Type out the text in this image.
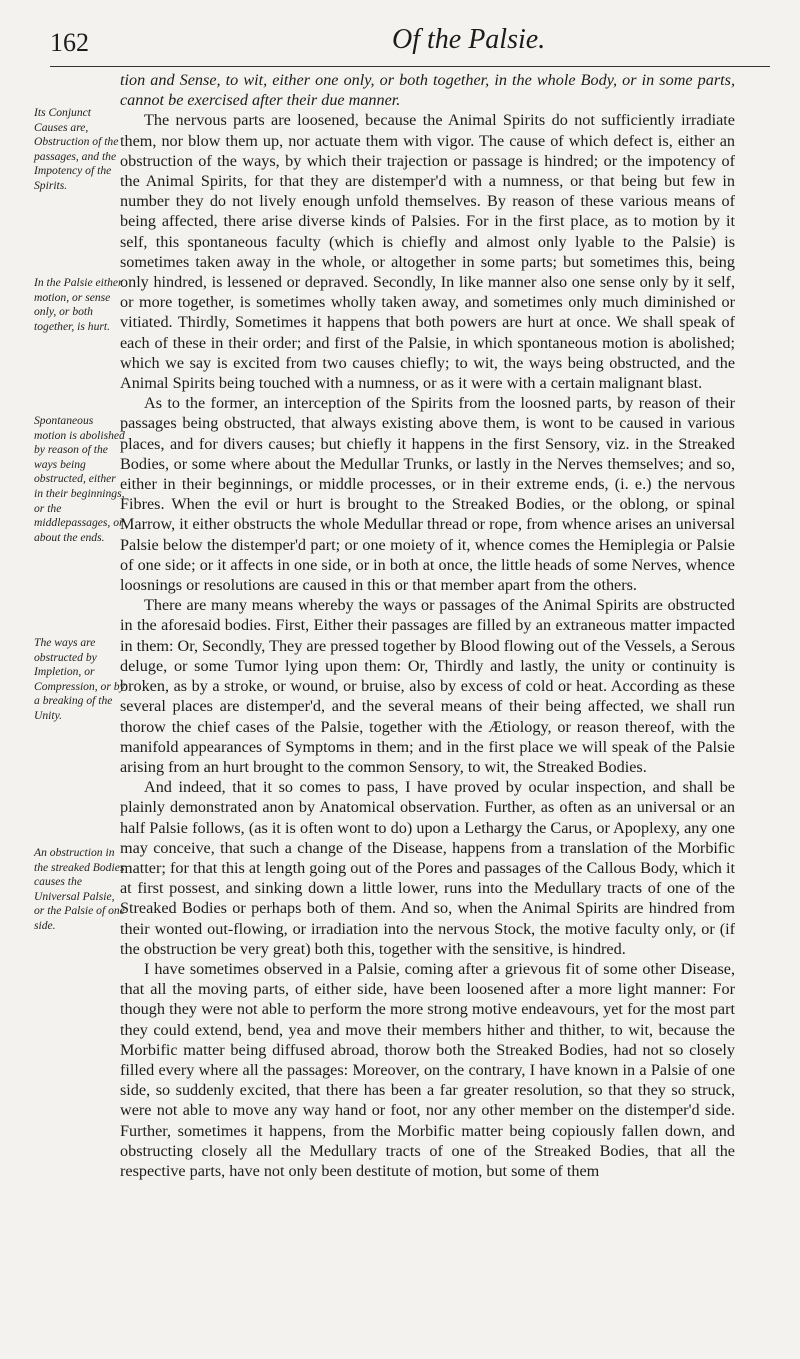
162	Of the Palsie.
Its Conjunct Causes are, Obstruction of the passages, and the Impotency of the Spirits.
In the Palsie either motion, or sense only, or both together, is hurt.
Spontaneous motion is abolished by reason of the ways being obstructed, either in their beginnings, or the middlepassages, or about the ends.
The ways are obstructed by Impletion, or Compression, or by a breaking of the Unity.
An obstruction in the streaked Bodies causes the Universal Palsie, or the Palsie of one side.

tion and Sense, to wit, either one only, or both together, in the whole Body, or in some parts, cannot be exercised after their due manner.

The nervous parts are loosened, because the Animal Spirits do not sufficiently irradiate them, nor blow them up, nor actuate them with vigor. The cause of which defect is, either an obstruction of the ways, by which their trajection or passage is hindred; or the impotency of the Animal Spirits, for that they are distemper'd with a numness, or that being but few in number they do not lively enough unfold themselves. By reason of these various means of being affected, there arise diverse kinds of Palsies. For in the first place, as to motion by it self, this spontaneous faculty (which is chiefly and almost only lyable to the Palsie) is sometimes taken away in the whole, or altogether in some parts; but sometimes this, being only hindred, is lessened or depraved. Secondly, In like manner also one sense only by it self, or more together, is sometimes wholly taken away, and sometimes only much diminished or vitiated. Thirdly, Sometimes it happens that both powers are hurt at once. We shall speak of each of these in their order; and first of the Palsie, in which spontaneous motion is abolished; which we say is excited from two causes chiefly; to wit, the ways being obstructed, and the Animal Spirits being touched with a numness, or as it were with a certain malignant blast.

As to the former, an interception of the Spirits from the loosned parts, by reason of their passages being obstructed, that always existing above them, is wont to be caused in various places, and for divers causes; but chiefly it happens in the first Sensory, viz. in the Streaked Bodies, or some where about the Medullar Trunks, or lastly in the Nerves themselves; and so, either in their beginnings, or middle processes, or in their extreme ends, (i. e.) the nervous Fibres. When the evil or hurt is brought to the Streaked Bodies, or the oblong, or spinal Marrow, it either obstructs the whole Medullar thread or rope, from whence arises an universal Palsie below the distemper'd part; or one moiety of it, whence comes the Hemiplegia or Palsie of one side; or it affects in one side, or in both at once, the little heads of some Nerves, whence loosnings or resolutions are caused in this or that member apart from the others.

There are many means whereby the ways or passages of the Animal Spirits are obstructed in the aforesaid bodies. First, Either their passages are filled by an extraneous matter impacted in them: Or, Secondly, They are pressed together by Blood flowing out of the Vessels, a Serous deluge, or some Tumor lying upon them: Or, Thirdly and lastly, the unity or continuity is broken, as by a stroke, or wound, or bruise, also by excess of cold or heat. According as these several places are distemper'd, and the several means of their being affected, we shall run thorow the chief cases of the Palsie, together with the Ætiology, or reason thereof, with the manifold appearances of Symptoms in them; and in the first place we will speak of the Palsie arising from an hurt brought to the common Sensory, to wit, the Streaked Bodies.

And indeed, that it so comes to pass, I have proved by ocular inspection, and shall be plainly demonstrated anon by Anatomical observation. Further, as often as an universal or an half Palsie follows, (as it is often wont to do) upon a Lethargy the Carus, or Apoplexy, any one may conceive, that such a change of the Disease, happens from a translation of the Morbific matter; for that this at length going out of the Pores and passages of the Callous Body, which it at first possest, and sinking down a little lower, runs into the Medullary tracts of one of the Streaked Bodies or perhaps both of them. And so, when the Animal Spirits are hindred from their wonted out-flowing, or irradiation into the nervous Stock, the motive faculty only, or (if the obstruction be very great) both this, together with the sensitive, is hindred.

I have sometimes observed in a Palsie, coming after a grievous fit of some other Disease, that all the moving parts, of either side, have been loosened after a more light manner: For though they were not able to perform the more strong motive endeavours, yet for the most part they could extend, bend, yea and move their members hither and thither, to wit, because the Morbific matter being diffused abroad, thorow both the Streaked Bodies, had not so closely filled every where all the passages: Moreover, on the contrary, I have known in a Palsie of one side, so suddenly excited, that there has been a far greater resolution, so that they so struck, were not able to move any way hand or foot, nor any other member on the distemper'd side. Further, sometimes it happens, from the Morbific matter being copiously fallen down, and obstructing closely all the Medullary tracts of one of the Streaked Bodies, that all the respective parts, have not only been destitute of motion, but some of them
